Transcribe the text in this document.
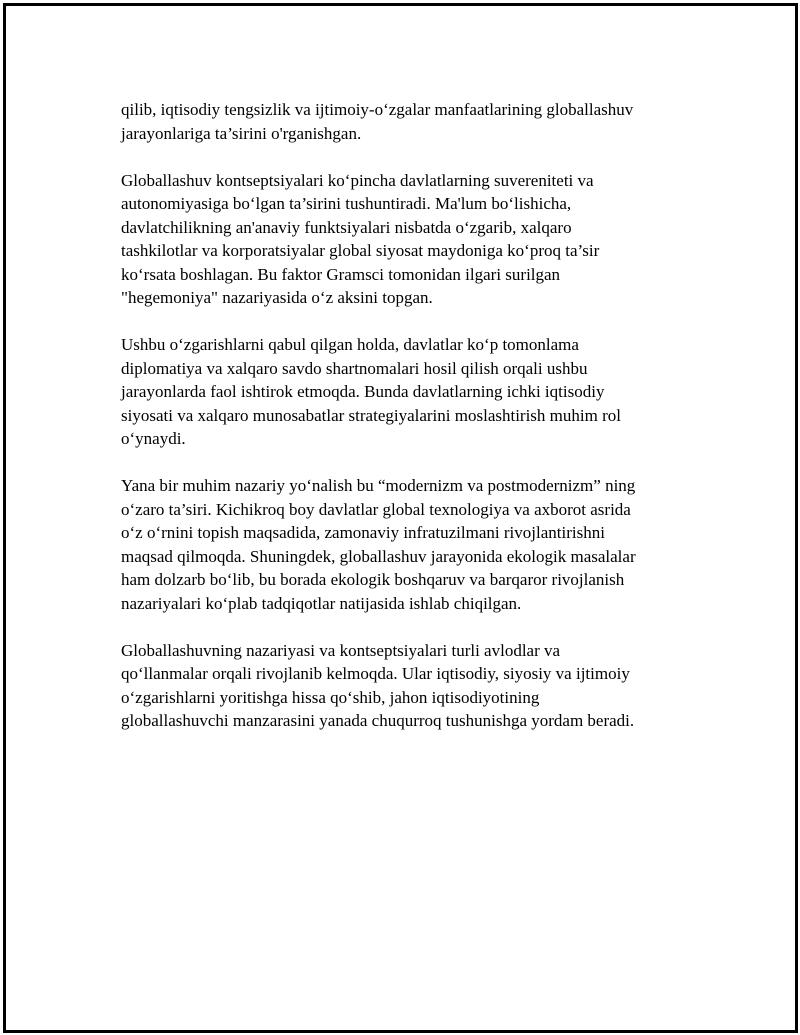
qilib, iqtisodiy tengsizlik va ijtimoiy-o‘zgalar manfaatlarining globallashuv
jarayonlariga ta’sirini o'rganishgan.

Globallashuv kontseptsiyalari ko‘pincha davlatlarning suvereniteti va
autonomiyasiga bo‘lgan ta’sirini tushuntiradi. Ma'lum bo‘lishicha,
davlatchilikning an'anaviy funktsiyalari nisbatda o‘zgarib, xalqaro
tashkilotlar va korporatsiyalar global siyosat maydoniga ko‘proq ta’sir
ko‘rsata boshlagan. Bu faktor Gramsci tomonidan ilgari surilgan
"hegemoniya" nazariyasida o‘z aksini topgan.

Ushbu o‘zgarishlarni qabul qilgan holda, davlatlar ko‘p tomonlama
diplomatiya va xalqaro savdo shartnomalari hosil qilish orqali ushbu
jarayonlarda faol ishtirok etmoqda. Bunda davlatlarning ichki iqtisodiy
siyosati va xalqaro munosabatlar strategiyalarini moslashtirish muhim rol
o‘ynaydi.

Yana bir muhim nazariy yo‘nalish bu “modernizm va postmodernizm” ning
o‘zaro ta’siri. Kichikroq boy davlatlar global texnologiya va axborot asrida
o‘z o‘rnini topish maqsadida, zamonaviy infratuzilmani rivojlantirishni
maqsad qilmoqda. Shuningdek, globallashuv jarayonida ekologik masalalar
ham dolzarb bo‘lib, bu borada ekologik boshqaruv va barqaror rivojlanish
nazariyalari ko‘plab tadqiqotlar natijasida ishlab chiqilgan.

Globallashuvning nazariyasi va kontseptsiyalari turli avlodlar va
qo‘llanmalar orqali rivojlanib kelmoqda. Ular iqtisodiy, siyosiy va ijtimoiy
o‘zgarishlarni yoritishga hissa qo‘shib, jahon iqtisodiyotining
globallashuvchi manzarasini yanada chuqurroq tushunishga yordam beradi.
